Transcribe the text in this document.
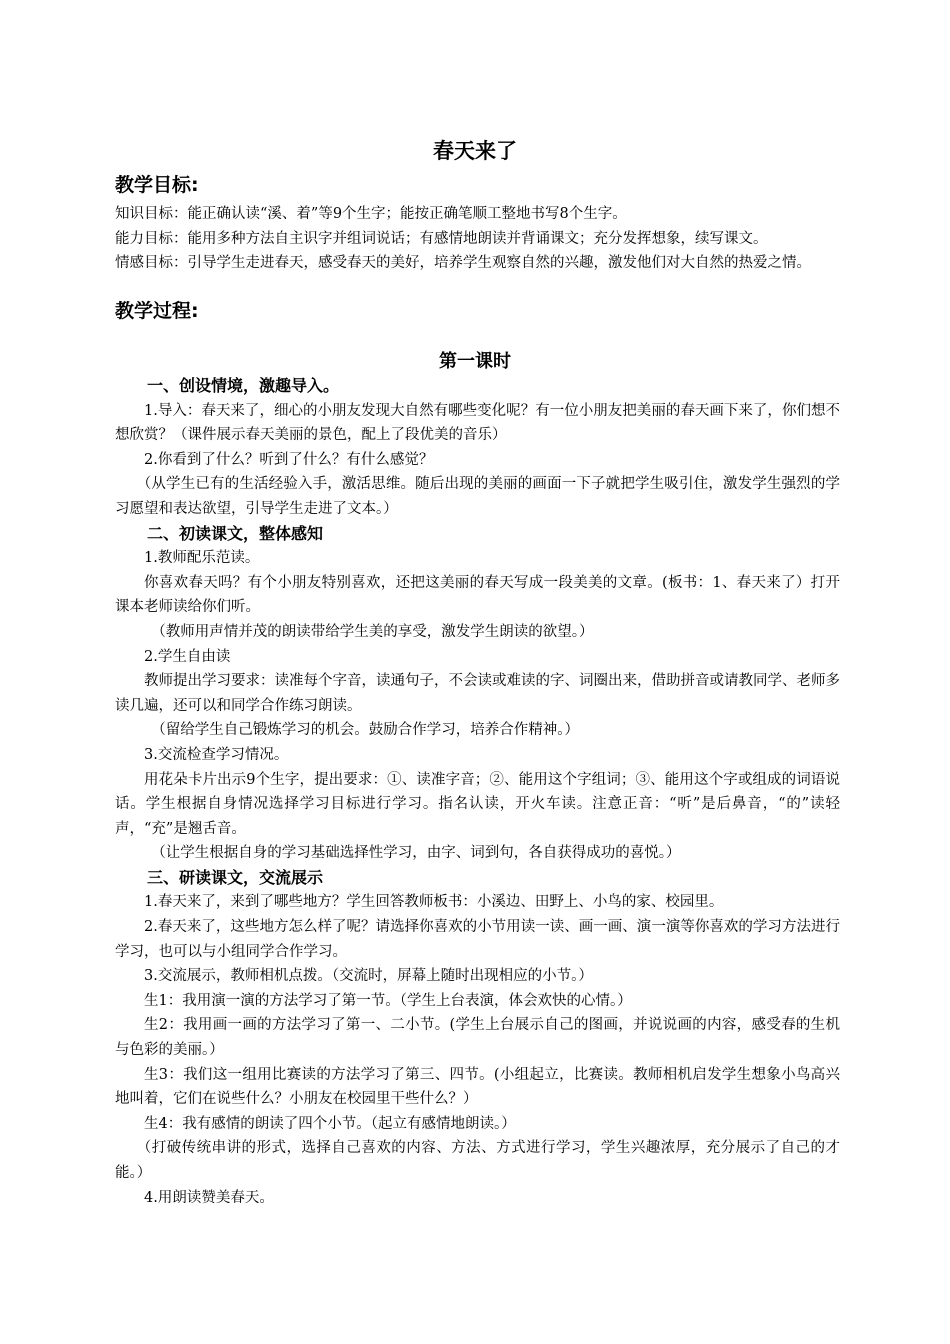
春天来了
教学目标:

知识目标：能正确认读“溪、着”等9个生字；能按正确笔顺工整地书写8个生字。

能力目标：能用多种方法自主识字并组词说话；有感情地朗读并背诵课文；充分发挥想象，续写课文。

情感目标：引导学生走进春天，感受春天的美好，培养学生观察自然的兴趣，激发他们对大自然的热爱之情。

教学过程:
第一课时

一、创设情境，激趣导入。

1.导入：春天来了，细心的小朋友发现大自然有哪些变化呢？有一位小朋友把美丽的春天画下来了，你们想不想欣赏？（课件展示春天美丽的景色，配上了段优美的音乐）

2.你看到了什么？听到了什么？有什么感觉？

（从学生已有的生活经验入手，激活思维。随后出现的美丽的画面一下子就把学生吸引住，激发学生强烈的学习愿望和表达欲望，引导学生走进了文本。）

二、初读课文，整体感知

1.教师配乐范读。

你喜欢春天吗？有个小朋友特别喜欢，还把这美丽的春天写成一段美美的文章。(板书：1、春天来了）打开课本老师读给你们听。

（教师用声情并茂的朗读带给学生美的享受，激发学生朗读的欲望。）

2.学生自由读

教师提出学习要求：读准每个字音，读通句子，不会读或难读的字、词圈出来，借助拼音或请教同学、老师多读几遍，还可以和同学合作练习朗读。

（留给学生自己锻炼学习的机会。鼓励合作学习，培养合作精神。）

3.交流检查学习情况。

用花朵卡片出示9个生字，提出要求：①、读准字音；②、能用这个字组词；③、能用这个字或组成的词语说话。学生根据自身情况选择学习目标进行学习。指名认读，开火车读。注意正音：“听”是后鼻音，“的”读轻声，“充”是翘舌音。

（让学生根据自身的学习基础选择性学习，由字、词到句，各自获得成功的喜悦。）

三、研读课文，交流展示

1.春天来了，来到了哪些地方？学生回答教师板书：小溪边、田野上、小鸟的家、校园里。

2.春天来了，这些地方怎么样了呢？请选择你喜欢的小节用读一读、画一画、演一演等你喜欢的学习方法进行学习，也可以与小组同学合作学习。

3.交流展示，教师相机点拨。（交流时，屏幕上随时出现相应的小节。）

生1：我用演一演的方法学习了第一节。（学生上台表演，体会欢快的心情。）

生2：我用画一画的方法学习了第一、二小节。(学生上台展示自己的图画，并说说画的内容，感受春的生机与色彩的美丽。）

生3：我们这一组用比赛读的方法学习了第三、四节。(小组起立，比赛读。教师相机启发学生想象小鸟高兴地叫着，它们在说些什么？小朋友在校园里干些什么？）

生4：我有感情的朗读了四个小节。（起立有感情地朗读。）

（打破传统串讲的形式，选择自己喜欢的内容、方法、方式进行学习，学生兴趣浓厚，充分展示了自己的才能。）

4.用朗读赞美春天。
